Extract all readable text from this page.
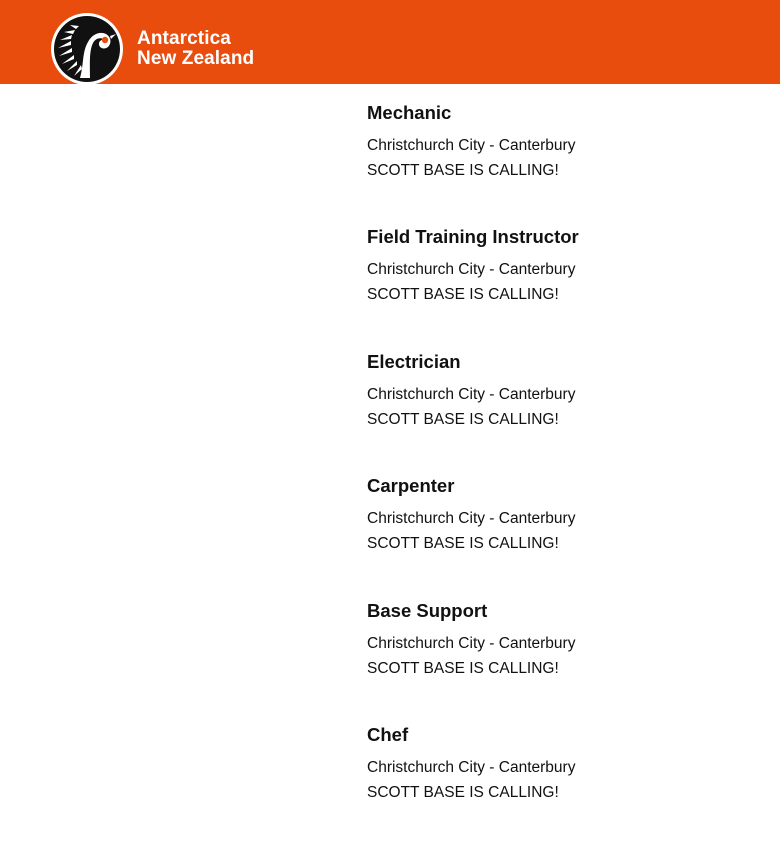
Antarctica
New Zealand
Mechanic
Christchurch City - Canterbury
SCOTT BASE IS CALLING!
Field Training Instructor
Christchurch City - Canterbury
SCOTT BASE IS CALLING!
Electrician
Christchurch City - Canterbury
SCOTT BASE IS CALLING!
Carpenter
Christchurch City - Canterbury
SCOTT BASE IS CALLING!
Base Support
Christchurch City - Canterbury
SCOTT BASE IS CALLING!
Chef
Christchurch City - Canterbury
SCOTT BASE IS CALLING!
